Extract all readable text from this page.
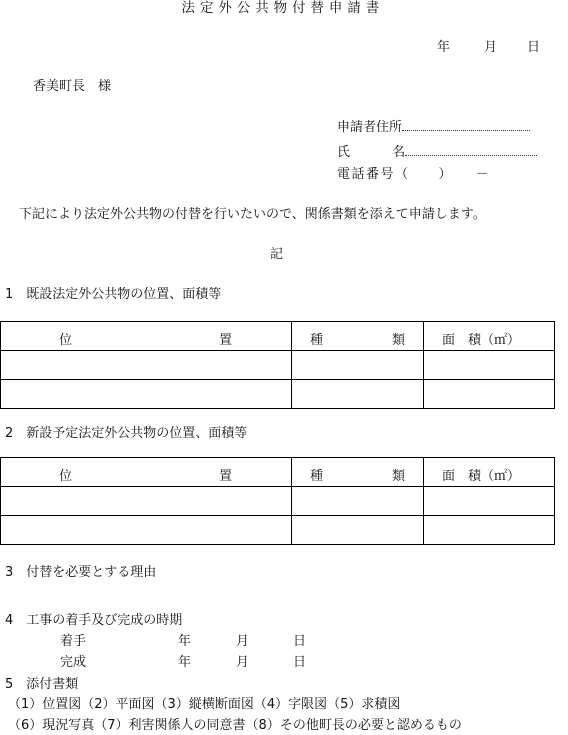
法定外公共物付替申請書
年	月 日
香美町長　様
申請者住所
氏	名
電話番号（　　）　　－
下記により法定外公共物の付替を行いたいので、関係書類を添えて申請します。
記
1　既設法定外公共物の位置、面積等
位 置	種 類	面　積（㎡）

2　新設予定法定外公共物の位置、面積等
位 置	種 類	面　積（㎡）

3　付替を必要とする理由
4　工事の着手及び完成の時期
着手	年	月	日
完成	年	月	日
5　添付書類
（1）位置図（2）平面図（3）縦横断面図（4）字限図（5）求積図
（6）現況写真（7）利害関係人の同意書（8）その他町長の必要と認めるもの
